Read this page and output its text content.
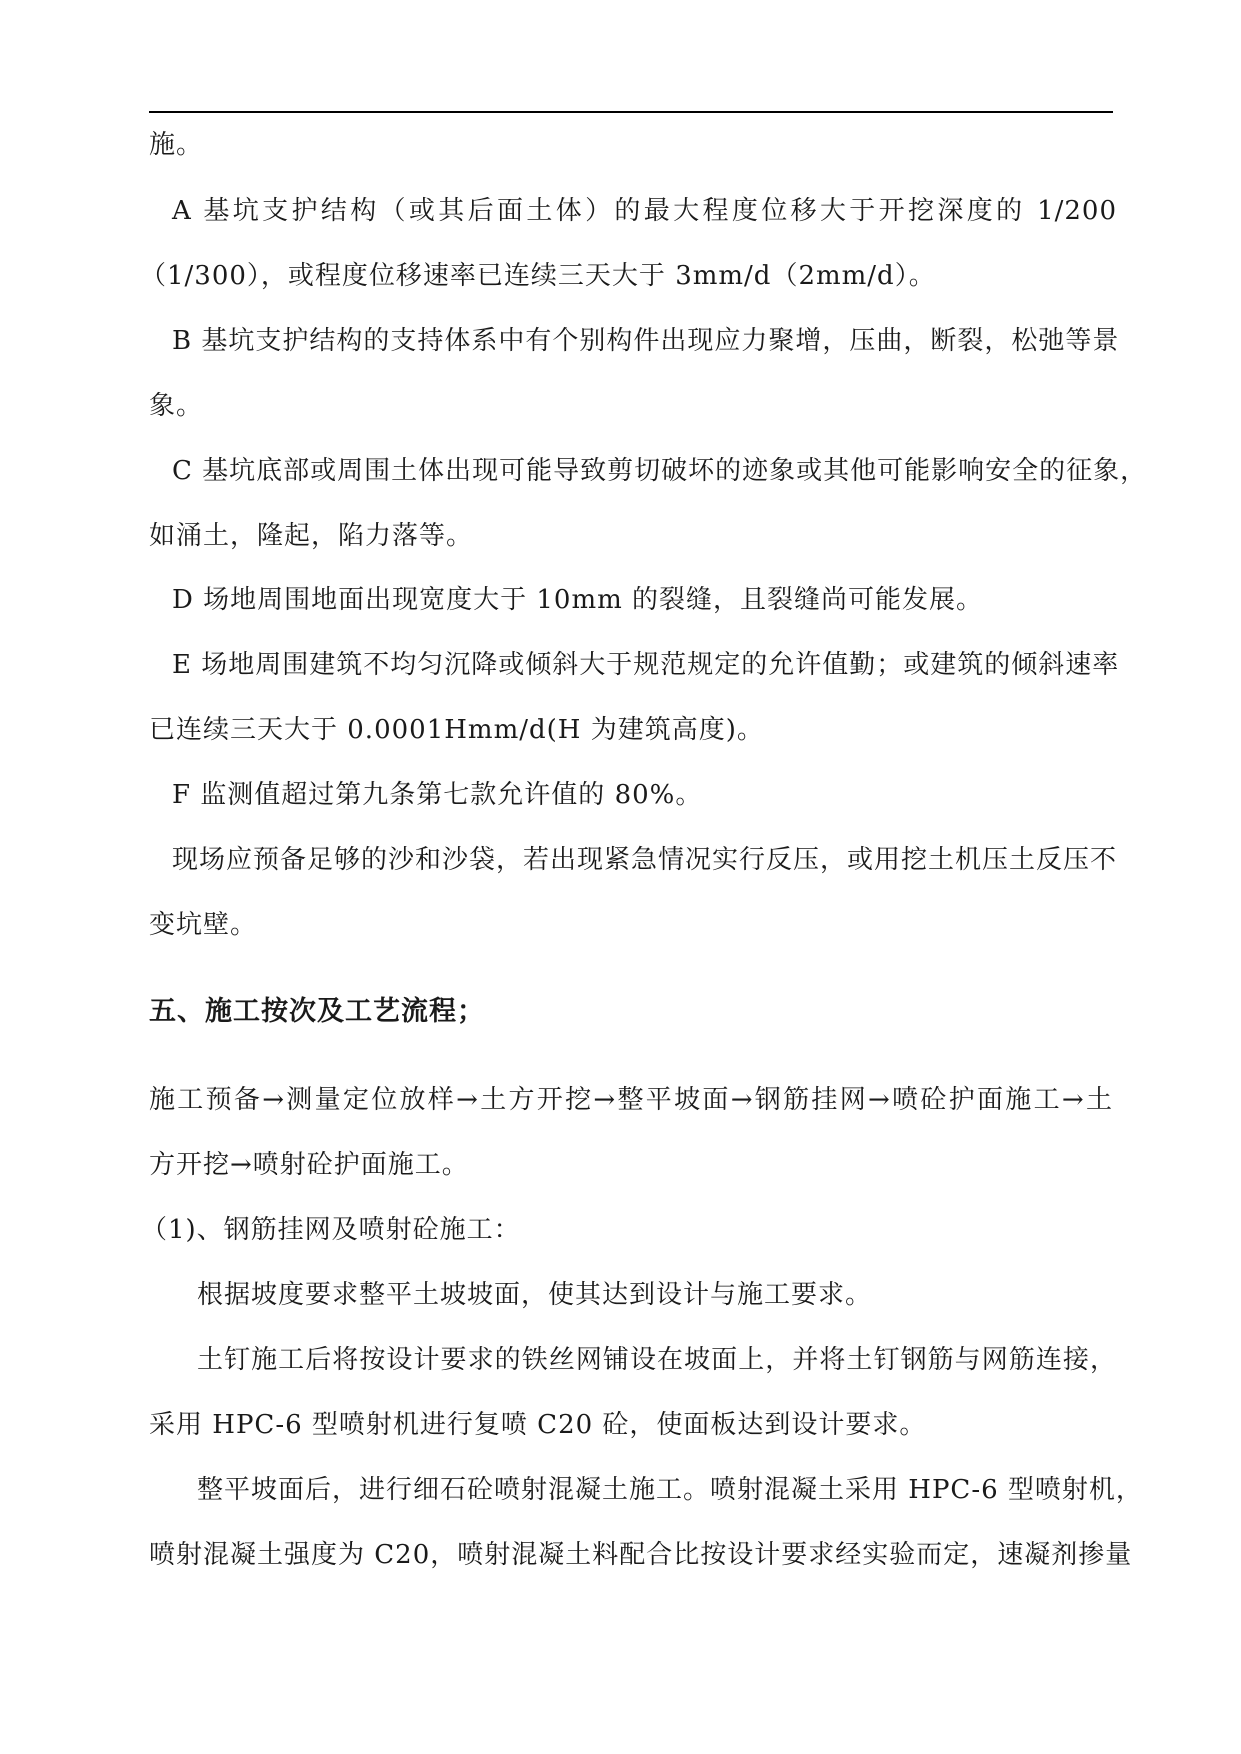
施。
A 基坑支护结构（或其后面土体）的最大程度位移大于开挖深度的 1/200
（1/300），或程度位移速率已连续三天大于 3mm/d（2mm/d）。
B 基坑支护结构的支持体系中有个别构件出现应力聚增，压曲，断裂，松弛等景
象。
C 基坑底部或周围土体出现可能导致剪切破坏的迹象或其他可能影响安全的征象，
如涌土，隆起，陷力落等。
D 场地周围地面出现宽度大于 10mm 的裂缝，且裂缝尚可能发展。
E 场地周围建筑不均匀沉降或倾斜大于规范规定的允许值勤；或建筑的倾斜速率
已连续三天大于 0.0001Hmm/d(H 为建筑高度)。
F 监测值超过第九条第七款允许值的 80%。
现场应预备足够的沙和沙袋，若出现紧急情况实行反压，或用挖土机压土反压不
变坑壁。
五、施工按次及工艺流程；
施工预备→测量定位放样→土方开挖→整平坡面→钢筋挂网→喷砼护面施工→土
方开挖→喷射砼护面施工。
（1)、钢筋挂网及喷射砼施工：
根据坡度要求整平土坡坡面，使其达到设计与施工要求。
土钉施工后将按设计要求的铁丝网铺设在坡面上，并将土钉钢筋与网筋连接，
采用 HPC-6 型喷射机进行复喷 C20 砼，使面板达到设计要求。
整平坡面后，进行细石砼喷射混凝土施工。喷射混凝土采用 HPC-6 型喷射机，
喷射混凝土强度为 C20，喷射混凝土料配合比按设计要求经实验而定，速凝剂掺量
